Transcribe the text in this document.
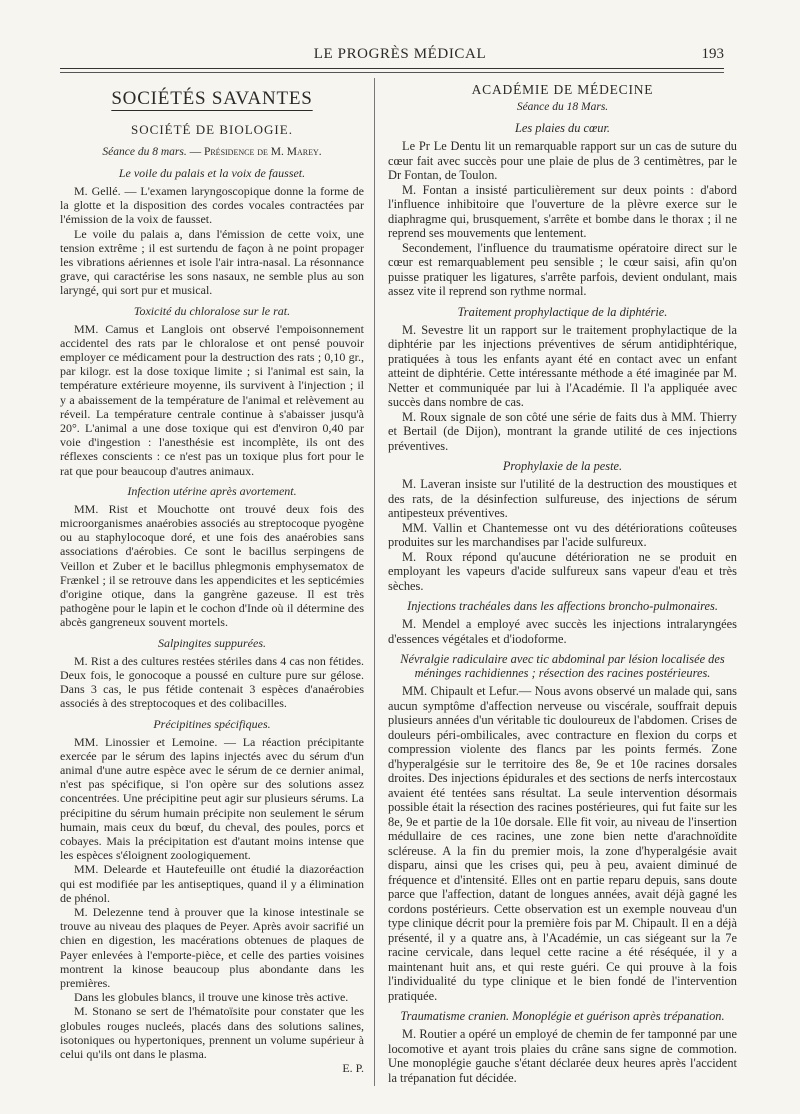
LE PROGRÈS MÉDICAL	193
SOCIÉTÉS SAVANTES
SOCIÉTÉ DE BIOLOGIE.
Séance du 8 mars. — Présidence de M. Marey.
Le voile du palais et la voix de fausset.

M. Gellé. — L'examen laryngoscopique donne la forme de la glotte et la disposition des cordes vocales contractées par l'émission de la voix de fausset.

Le voile du palais a, dans l'émission de cette voix, une tension extrême ; il est surtendu de façon à ne point propager les vibrations aériennes et isole l'air intra-nasal. La résonnance grave, qui caractérise les sons nasaux, ne semble plus au son laryngé, qui sort pur et musical.

Toxicité du chloralose sur le rat.

MM. Camus et Langlois ont observé l'empoisonnement accidentel des rats par le chloralose et ont pensé pouvoir employer ce médicament pour la destruction des rats ; 0,10 gr., par kilogr. est la dose toxique limite ; si l'animal est sain, la température extérieure moyenne, ils survivent à l'injection ; il y a abaissement de la température de l'animal et relèvement au réveil. La température centrale continue à s'abaisser jusqu'à 20°. L'animal a une dose toxique qui est d'environ 0,40 par voie d'ingestion : l'anesthésie est incomplète, ils ont des réflexes conscients : ce n'est pas un toxique plus fort pour le rat que pour beaucoup d'autres animaux.

Infection utérine après avortement.

MM. Rist et Mouchotte ont trouvé deux fois des microorganismes anaérobies associés au streptocoque pyogène ou au staphylocoque doré, et une fois des anaérobies sans associations d'aérobies. Ce sont le bacillus serpingens de Veillon et Zuber et le bacillus phlegmonis emphysematox de Frænkel ; il se retrouve dans les appendicites et les septicémies d'origine otique, dans la gangrène gazeuse. Il est très pathogène pour le lapin et le cochon d'Inde où il détermine des abcès gangreneux souvent mortels.

Salpingites suppurées.

M. Rist a des cultures restées stériles dans 4 cas non fétides. Deux fois, le gonocoque a poussé en culture pure sur gélose. Dans 3 cas, le pus fétide contenait 3 espèces d'anaérobies associés à des streptocoques et des colibacilles.

Précipitines spécifiques.

MM. Linossier et Lemoine. — La réaction précipitante exercée par le sérum des lapins injectés avec du sérum d'un animal d'une autre espèce avec le sérum de ce dernier animal, n'est pas spécifique, si l'on opère sur des solutions assez concentrées. Une précipitine peut agir sur plusieurs sérums. La précipitine du sérum humain précipite non seulement le sérum humain, mais ceux du bœuf, du cheval, des poules, porcs et cobayes. Mais la précipitation est d'autant moins intense que les espèces s'éloignent zoologiquement.

MM. Delearde et Hautefeuille ont étudié la diazoréaction qui est modifiée par les antiseptiques, quand il y a élimination de phénol.

M. Delezenne tend à prouver que la kinose intestinale se trouve au niveau des plaques de Peyer. Après avoir sacrifié un chien en digestion, les macérations obtenues de plaques de Payer enlevées à l'emporte-pièce, et celle des parties voisines montrent la kinose beaucoup plus abondante dans les premières.

Dans les globules blancs, il trouve une kinose très active.

M. Stonano se sert de l'hématoïsite pour constater que les globules rouges nucleés, placés dans des solutions salines, isotoniques ou hypertoniques, prennent un volume supérieur à celui qu'ils ont dans le plasma.

E. P.
ACADÉMIE DE MÉDECINE
Séance du 18 Mars.
Les plaies du cœur.

Le Pr Le Dentu lit un remarquable rapport sur un cas de suture du cœur fait avec succès pour une plaie de plus de 3 centimètres, par le Dr Fontan, de Toulon.

M. Fontan a insisté particulièrement sur deux points : d'abord l'influence inhibitoire que l'ouverture de la plèvre exerce sur le diaphragme qui, brusquement, s'arrête et bombe dans le thorax ; il ne reprend ses mouvements que lentement.

Secondement, l'influence du traumatisme opératoire direct sur le cœur est remarquablement peu sensible ; le cœur saisi, afin qu'on puisse pratiquer les ligatures, s'arrête parfois, devient ondulant, mais assez vite il reprend son rythme normal.

Traitement prophylactique de la diphtérie.

M. Sevestre lit un rapport sur le traitement prophylactique de la diphtérie par les injections préventives de sérum antidiphtérique, pratiquées à tous les enfants ayant été en contact avec un enfant atteint de diphtérie. Cette intéressante méthode a été imaginée par M. Netter et communiquée par lui à l'Académie. Il l'a appliquée avec succès dans nombre de cas.

M. Roux signale de son côté une série de faits dus à MM. Thierry et Bertail (de Dijon), montrant la grande utilité de ces injections préventives.

Prophylaxie de la peste.

M. Laveran insiste sur l'utilité de la destruction des moustiques et des rats, de la désinfection sulfureuse, des injections de sérum antipesteux préventives.

MM. Vallin et Chantemesse ont vu des détériorations coûteuses produites sur les marchandises par l'acide sulfureux.

M. Roux répond qu'aucune détérioration ne se produit en employant les vapeurs d'acide sulfureux sans vapeur d'eau et très sèches.

Injections trachéales dans les affections broncho-pulmonaires.

M. Mendel a employé avec succès les injections intralaryngées d'essences végétales et d'iodoforme.

Névralgie radiculaire avec tic abdominal par lésion localisée des méninges rachidiennes ; résection des racines postérieures.

MM. Chipault et Lefur.— Nous avons observé un malade qui, sans aucun symptôme d'affection nerveuse ou viscérale, souffrait depuis plusieurs années d'un véritable tic douloureux de l'abdomen. Crises de douleurs péri-ombilicales, avec contracture en flexion du corps et compression violente des flancs par les points fermés. Zone d'hyperalgésie sur le territoire des 8e, 9e et 10e racines dorsales droites. Des injections épidurales et des sections de nerfs intercostaux avaient été tentées sans résultat. La seule intervention désormais possible était la résection des racines postérieures, qui fut faite sur les 8e, 9e et partie de la 10e dorsale. Elle fit voir, au niveau de l'insertion médullaire de ces racines, une zone bien nette d'arachnoïdite scléreuse. A la fin du premier mois, la zone d'hyperalgésie avait disparu, ainsi que les crises qui, peu à peu, avaient diminué de fréquence et d'intensité. Elles ont en partie reparu depuis, sans doute parce que l'affection, datant de longues années, avait déjà gagné les cordons postérieurs. Cette observation est un exemple nouveau d'un type clinique décrit pour la première fois par M. Chipault. Il en a déjà présenté, il y a quatre ans, à l'Académie, un cas siégeant sur la 7e racine cervicale, dans lequel cette racine a été réséquée, il y a maintenant huit ans, et qui reste guéri. Ce qui prouve à la fois l'individualité du type clinique et le bien fondé de l'intervention pratiquée.

Traumatisme cranien. Monoplégie et guérison après trépanation.

M. Routier a opéré un employé de chemin de fer tamponné par une locomotive et ayant trois plaies du crâne sans signe de commotion. Une monoplégie gauche s'étant déclarée deux heures après l'accident la trépanation fut décidée.
